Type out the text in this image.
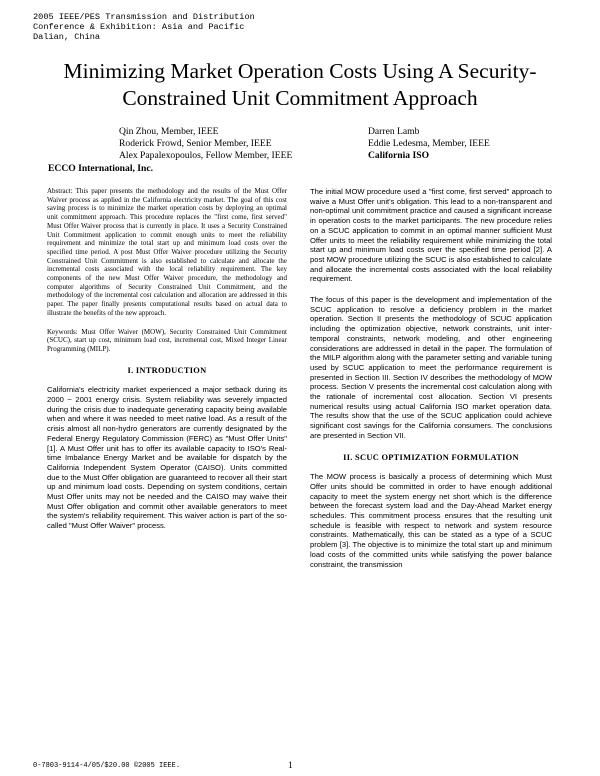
2005 IEEE/PES Transmission and Distribution
Conference & Exhibition: Asia and Pacific
Dalian, China
Minimizing Market Operation Costs Using A Security-Constrained Unit Commitment Approach
Qin Zhou, Member, IEEE
Roderick Frowd, Senior Member, IEEE
Alex Papalexopoulos, Fellow Member, IEEE
Darren Lamb
Eddie Ledesma, Member, IEEE
California ISO
ECCO International, Inc.

Abstract: This paper presents the methodology and the results of the Must Offer Waiver process as applied in the California electricity market. The goal of this cost saving process is to minimize the market operation costs by deploying an optimal unit commitment approach. This procedure replaces the "first come, first served" Must Offer Waiver process that is currently in place. It uses a Security Constrained Unit Commitment application to commit enough units to meet the reliability requirement and minimize the total start up and minimum load costs over the specified time period. A post Must Offer Waiver procedure utilizing the Security Constrained Unit Commitment is also established to calculate and allocate the incremental costs associated with the local reliability requirement. The key components of the new Must Offer Waiver procedure, the methodology and computer algorithms of Security Constrained Unit Commitment, and the methodology of the incremental cost calculation and allocation are addressed in this paper. The paper finally presents computational results based on actual data to illustrate the benefits of the new approach.

Keywords: Must Offer Waiver (MOW), Security Constrained Unit Commitment (SCUC), start up cost, minimum load cost, incremental cost, Mixed Integer Linear Programming (MILP).

I. INTRODUCTION

California's electricity market experienced a major setback during its 2000 ~ 2001 energy crisis. System reliability was severely impacted during the crisis due to inadequate generating capacity being available when and where it was needed to meet native load. As a result of the crisis almost all non-hydro generators are currently designated by the Federal Energy Regulatory Commission (FERC) as "Must Offer Units" [1]. A Must Offer unit has to offer its available capacity to ISO's Real-time Imbalance Energy Market and be available for dispatch by the California Independent System Operator (CAISO). Units committed due to the Must Offer obligation are guaranteed to recover all their start up and minimum load costs. Depending on system conditions, certain Must Offer units may not be needed and the CAISO may waive their Must Offer obligation and commit other available generators to meet the system's reliability requirement. This waiver action is part of the so-called "Must Offer Waiver" process.

The initial MOW procedure used a "first come, first served" approach to waive a Must Offer unit's obligation. This lead to a non-transparent and non-optimal unit commitment practice and caused a significant increase in operation costs to the market participants. The new procedure relies on a SCUC application to commit in an optimal manner sufficient Must Offer units to meet the reliability requirement while minimizing the total start up and minimum load costs over the specified time period [2]. A post MOW procedure utilizing the SCUC is also established to calculate and allocate the incremental costs associated with the local reliability requirement.

The focus of this paper is the development and implementation of the SCUC application to resolve a deficiency problem in the market operation. Section II presents the methodology of SCUC application including the optimization objective, network constraints, unit inter-temporal constraints, network modeling, and other engineering considerations are addressed in detail in the paper. The formulation of the MILP algorithm along with the parameter setting and variable tuning used by SCUC application to meet the performance requirement is presented in Section III. Section IV describes the methodology of MOW process. Section V presents the incremental cost calculation along with the rationale of incremental cost allocation. Section VI presents numerical results using actual California ISO market operation data. The results show that the use of the SCUC application could achieve significant cost savings for the California consumers. The conclusions are presented in Section VII.

II. SCUC OPTIMIZATION FORMULATION

The MOW process is basically a process of determining which Must Offer units should be committed in order to have enough additional capacity to meet the system energy net short which is the difference between the forecast system load and the Day-Ahead Market energy schedules. This commitment process ensures that the resulting unit schedule is feasible with respect to network and system resource constraints. Mathematically, this can be stated as a type of a SCUC problem [3]. The objective is to minimize the total start up and minimum load costs of the committed units while satisfying the power balance constraint, the transmission

0-7803-9114-4/05/$20.00 ©2005 IEEE.	1
